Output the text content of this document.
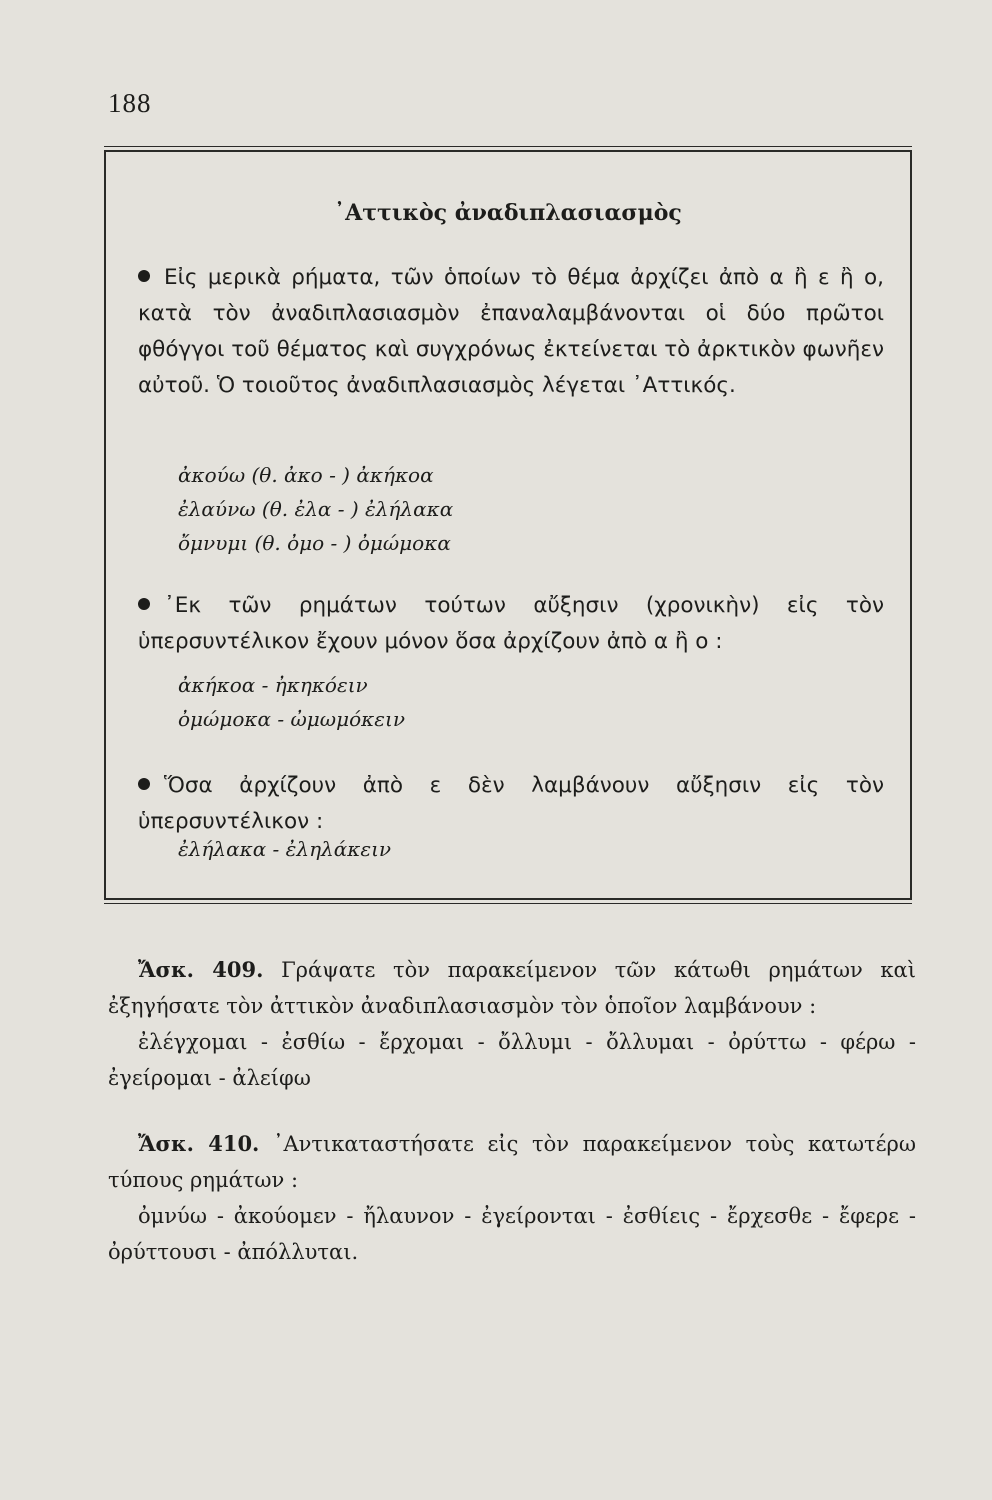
188
᾿Αττικὸς ἀναδιπλασιασμὸς
Εἰς μερικὰ ρήματα, τῶν ὁποίων τὸ θέμα ἀρχίζει ἀπὸ α ἢ ε ἢ ο, κατὰ τὸν ἀναδιπλασιασμὸν ἐπαναλαμβάνονται οἱ δύο πρῶτοι φθόγγοι τοῦ θέματος καὶ συγχρόνως ἐκτείνεται τὸ ἀρκτικὸν φωνῆεν αὐτοῦ. Ὁ τοιοῦτος ἀναδιπλασιασμὸς λέγεται ᾿Αττικός.
ἀκούω (θ. ἀκο - ) ἀκήκοα
ἐλαύνω (θ. ἐλα - ) ἐλήλακα
ὄμνυμι (θ. ὀμο - ) ὀμώμοκα
᾿Εκ τῶν ρημάτων τούτων αὔξησιν (χρονικὴν) εἰς τὸν ὑπερσυντέλικον ἔχουν μόνον ὅσα ἀρχίζουν ἀπὸ α ἢ ο :
ἀκήκοα - ἠκηκόειν
ὀμώμοκα - ὠμωμόκειν
Ὅσα ἀρχίζουν ἀπὸ ε δὲν λαμβάνουν αὔξησιν εἰς τὸν ὑπερσυντέλικον :
ἐλήλακα - ἐληλάκειν
Ἄσκ. 409. Γράψατε τὸν παρακείμενον τῶν κάτωθι ρημάτων καὶ ἐξηγήσατε τὸν ἀττικὸν ἀναδιπλασιασμὸν τὸν ὁποῖον λαμβάνουν :
ἐλέγχομαι - ἐσθίω - ἔρχομαι - ὄλλυμι - ὄλλυμαι - ὀρύττω - φέρω - ἐγείρομαι - ἀλείφω
Ἄσκ. 410. ᾿Αντικαταστήσατε εἰς τὸν παρακείμενον τοὺς κατωτέρω τύπους ρημάτων :
ὀμνύω - ἀκούομεν - ἤλαυνον - ἐγείρονται - ἐσθίεις - ἔρχεσθε - ἔφερε - ὀρύττουσι - ἀπόλλυται.
